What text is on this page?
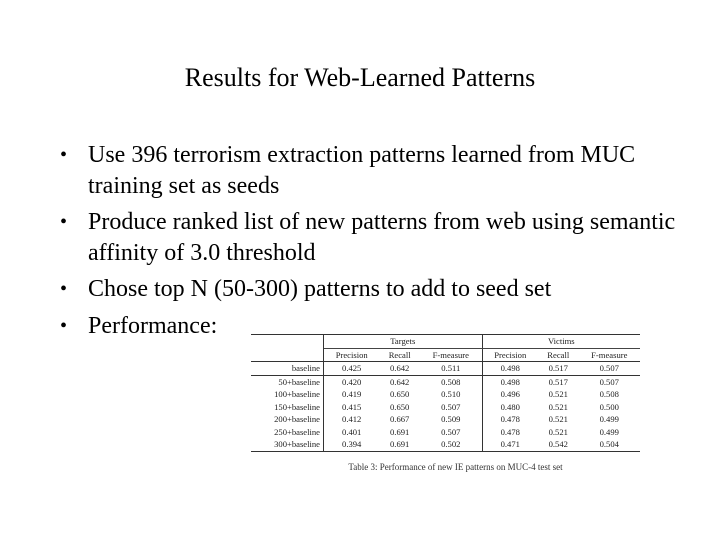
Results for Web-Learned Patterns
• Use 396 terrorism extraction patterns learned from MUC training set as seeds
• Produce ranked list of new patterns from web using semantic affinity of 3.0 threshold
• Chose top N (50-300) patterns to add to seed set
• Performance:
	Targets			Victims		
	Precision	Recall	F-measure	Precision	Recall	F-measure
baseline	0.425	0.642	0.511	0.498	0.517	0.507
50+baseline	0.420	0.642	0.508	0.498	0.517	0.507
100+baseline	0.419	0.650	0.510	0.496	0.521	0.508
150+baseline	0.415	0.650	0.507	0.480	0.521	0.500
200+baseline	0.412	0.667	0.509	0.478	0.521	0.499
250+baseline	0.401	0.691	0.507	0.478	0.521	0.499
300+baseline	0.394	0.691	0.502	0.471	0.542	0.504
Table 3: Performance of new IE patterns on MUC-4 test set
